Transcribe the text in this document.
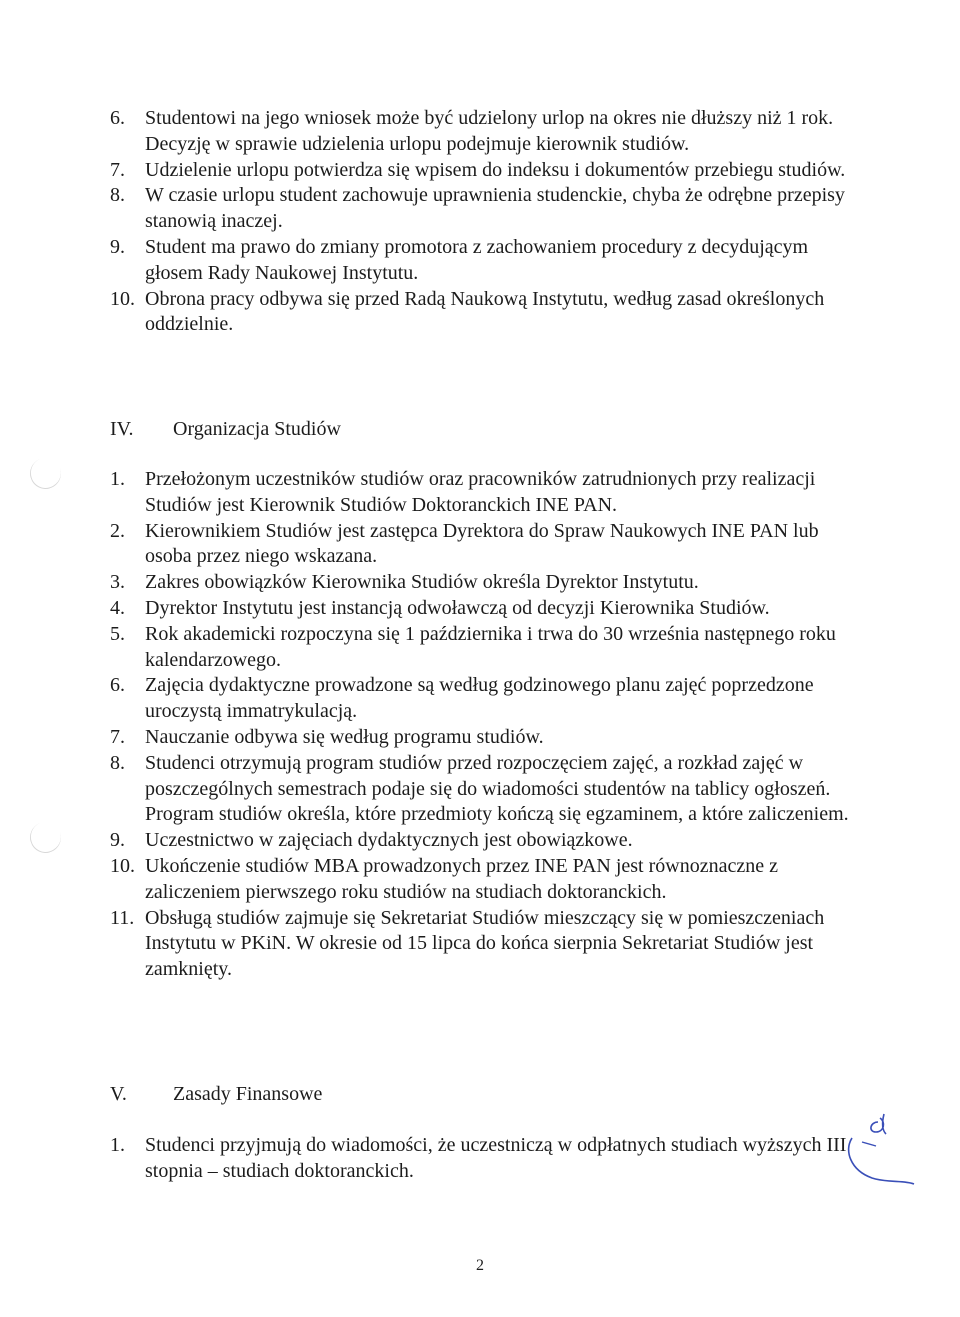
6. Studentowi na jego wniosek może być udzielony urlop na okres nie dłuższy niż 1 rok. Decyzję w sprawie udzielenia urlopu podejmuje kierownik studiów.
7. Udzielenie urlopu potwierdza się wpisem do indeksu i dokumentów przebiegu studiów.
8. W czasie urlopu student zachowuje uprawnienia studenckie, chyba że odrębne przepisy stanowią inaczej.
9. Student ma prawo do zmiany promotora z zachowaniem procedury z decydującym głosem Rady Naukowej Instytutu.
10. Obrona pracy odbywa się przed Radą Naukową Instytutu, według zasad określonych oddzielnie.
IV. Organizacja Studiów
1. Przełożonym uczestników studiów oraz pracowników zatrudnionych przy realizacji Studiów jest Kierownik Studiów Doktoranckich INE PAN.
2. Kierownikiem Studiów jest zastępca Dyrektora do Spraw Naukowych INE PAN lub osoba przez niego wskazana.
3. Zakres obowiązków Kierownika Studiów określa Dyrektor Instytutu.
4. Dyrektor Instytutu jest instancją odwoławczą od decyzji Kierownika Studiów.
5. Rok akademicki rozpoczyna się 1 października i trwa do 30 września następnego roku kalendarzowego.
6. Zajęcia dydaktyczne prowadzone są według godzinowego planu zajęć poprzedzone uroczystą immatrykulacją.
7. Nauczanie odbywa się według programu studiów.
8. Studenci otrzymują program studiów przed rozpoczęciem zajęć, a rozkład zajęć w poszczególnych semestrach podaje się do wiadomości studentów na tablicy ogłoszeń. Program studiów określa, które przedmioty kończą się egzaminem, a które zaliczeniem.
9. Uczestnictwo w zajęciach dydaktycznych jest obowiązkowe.
10. Ukończenie studiów MBA prowadzonych przez INE PAN jest równoznaczne z zaliczeniem pierwszego roku studiów na studiach doktoranckich.
11. Obsługą studiów zajmuje się Sekretariat Studiów mieszczący się w pomieszczeniach Instytutu w PKiN. W okresie od 15 lipca do końca sierpnia Sekretariat Studiów jest zamknięty.
V. Zasady Finansowe
1. Studenci przyjmują do wiadomości, że uczestniczą w odpłatnych studiach wyższych III stopnia – studiach doktoranckich.
2
